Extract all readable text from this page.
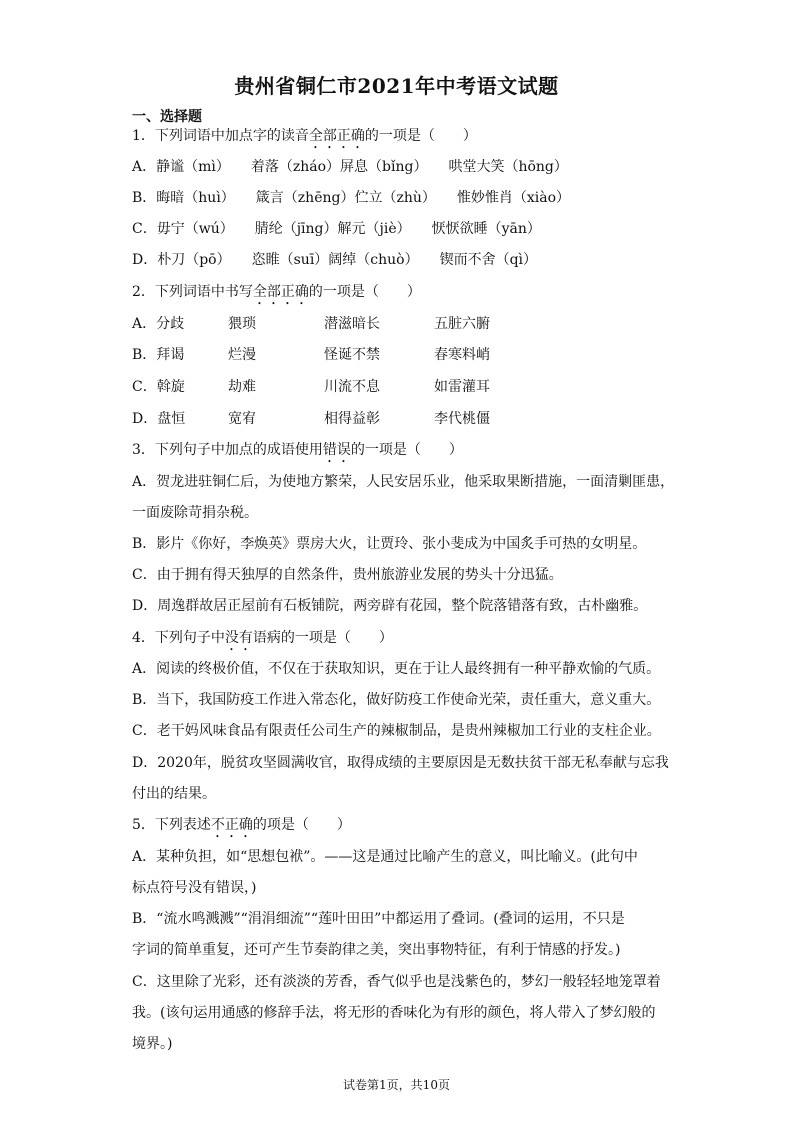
贵州省铜仁市2021年中考语文试题
一、选择题
1．下列词语中加点字的读音全部正确的一项是（　　）
A．静谧（mì）　　着落（zháo）屏息（bǐng）　　哄堂大笑（hōng）
B．晦暗（huì）　　箴言（zhēng）伫立（zhù）　　惟妙惟肖（xiào）
C．毋宁（wú）　　腈纶（jīng）解元（jiè）　　恹恹欲睡（yān）
D．朴刀（pō）　　恣睢（suī）阔绰（chuò）　　锲而不舍（qì）
2．下列词语中书写全部正确的一项是（　　）
A．分歧	猥琐	潜滋暗长	五脏六腑
B．拜谒	烂漫	怪诞不禁	春寒料峭
C．斡旋	劫难	川流不息	如雷灌耳
D．盘恒	宽宥	相得益彰	李代桃僵
3．下列句子中加点的成语使用错误的一项是（　　）
A．贺龙进驻铜仁后，为使地方繁荣，人民安居乐业，他采取果断措施，一面清剿匪患，
一面废除苛捐杂税。
B．影片《你好，李焕英》票房大火，让贾玲、张小斐成为中国炙手可热的女明星。
C．由于拥有得天独厚的自然条件，贵州旅游业发展的势头十分迅猛。
D．周逸群故居正屋前有石板铺院，两旁辟有花园，整个院落错落有致，古朴幽雅。
4．下列句子中没有语病的一项是（　　）
A．阅读的终极价值，不仅在于获取知识，更在于让人最终拥有一种平静欢愉的气质。
B．当下，我国防疫工作进入常态化，做好防疫工作使命光荣，责任重大，意义重大。
C．老干妈风味食品有限责任公司生产的辣椒制品，是贵州辣椒加工行业的支柱企业。
D．2020年，脱贫攻坚圆满收官，取得成绩的主要原因是无数扶贫干部无私奉献与忘我
付出的结果。
5．下列表述不正确的项是（　　）
A．某种负担，如“思想包袱”。——这是通过比喻产生的意义，叫比喻义。(此句中
标点符号没有错误，)
B．“流水鸣溅溅”“涓涓细流”“莲叶田田”中都运用了叠词。(叠词的运用，不只是
字词的简单重复，还可产生节奏韵律之美，突出事物特征，有利于情感的抒发。)
C．这里除了光彩，还有淡淡的芳香，香气似乎也是浅紫色的，梦幻一般轻轻地笼罩着
我。(该句运用通感的修辞手法，将无形的香味化为有形的颜色，将人带入了梦幻般的
境界。)
试卷第1页，共10页
